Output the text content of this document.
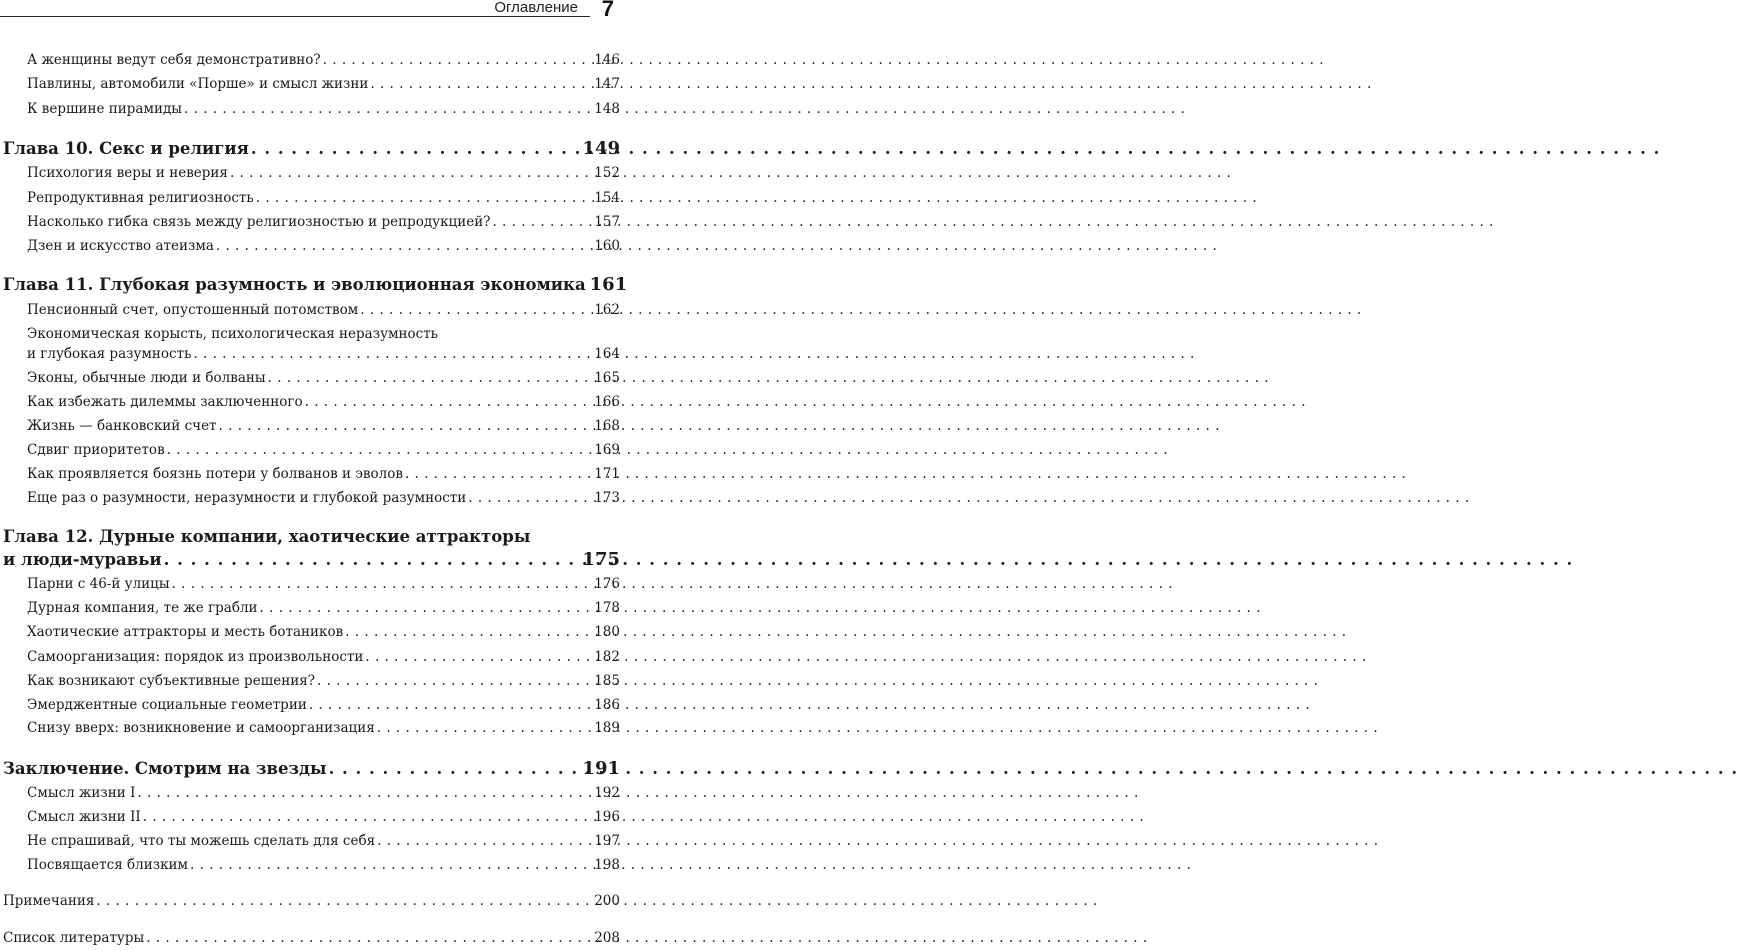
Оглавление 7
А женщины ведут себя демонстративно? . . .	146
Павлины, автомобили «Порше» и смысл жизни . . .	147
К вершине пирамиды . . .	148
Глава 10. Секс и религия . . .	149
Психология веры и неверия . . .	152
Репродуктивная религиозность . . .	154
Насколько гибка связь между религиозностью и репродукцией? . . .	157
Дзен и искусство атеизма . . .	160
Глава 11. Глубокая разумность и эволюционная экономика 161
Пенсионный счет, опустошенный потомством . . .	162
Экономическая корысть, психологическая неразумность
и глубокая разумность . . .	164
Эконы, обычные люди и болваны . . .	165
Как избежать дилеммы заключенного . . .	166
Жизнь — банковский счет . . .	168
Сдвиг приоритетов . . .	169
Как проявляется боязнь потери у болванов и эволов . . .	171
Еще раз о разумности, неразумности и глубокой разумности . . .	173
Глава 12. Дурные компании, хаотические аттракторы
и люди-муравьи . . .	175
Парни с 46-й улицы . . .	176
Дурная компания, те же грабли . . .	178
Хаотические аттракторы и месть ботаников . . .	180
Самоорганизация: порядок из произвольности . . .	182
Как возникают субъективные решения? . . .	185
Эмерджентные социальные геометрии . . .	186
Снизу вверх: возникновение и самоорганизация . . .	189
Заключение. Смотрим на звезды . . .	191
Смысл жизни I . . .	192
Смысл жизни II . . .	196
Не спрашивай, что ты можешь сделать для себя . . .	197
Посвящается близким . . .	198
Примечания . . .	200
Список литературы . . .	208
